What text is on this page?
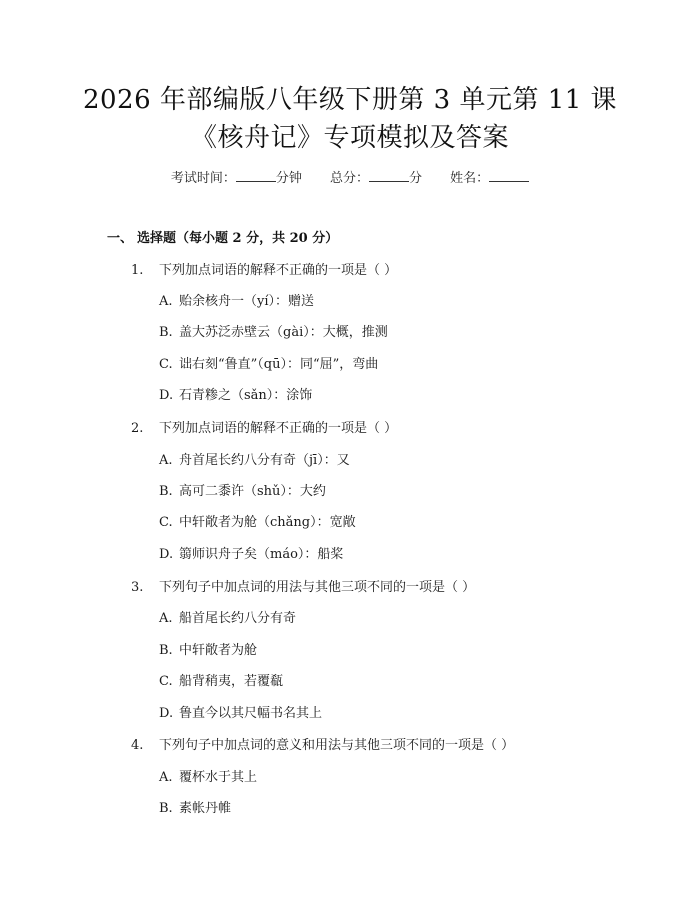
2026 年部编版八年级下册第 3 单元第 11 课
《核舟记》专项模拟及答案
考试时间：	分钟 总分：	分 姓名：
一、 选择题（每小题 2 分，共 20 分）
1. 下列加点词语的解释不正确的一项是（ ）
A. 贻余核舟一（yí）：赠送
B. 盖大苏泛赤壁云（gài）：大概，推测
C. 诎右刻“鲁直”（qū）：同“屈”，弯曲
D. 石青糁之（sǎn）：涂饰
2. 下列加点词语的解释不正确的一项是（ ）
A. 舟首尾长约八分有奇（jī）：又
B. 高可二黍许（shǔ）：大约
C. 中轩敞者为舱（chǎng）：宽敞
D. 篛师识舟子矣（máo）：船桨
3. 下列句子中加点词的用法与其他三项不同的一项是（ ）
A. 船首尾长约八分有奇
B. 中轩敞者为舱
C. 船背稍夷，若覆瓻
D. 鲁直今以其尺幅书名其上
4. 下列句子中加点词的意义和用法与其他三项不同的一项是（ ）
A. 覆杯水于其上
B. 素帐丹帷
